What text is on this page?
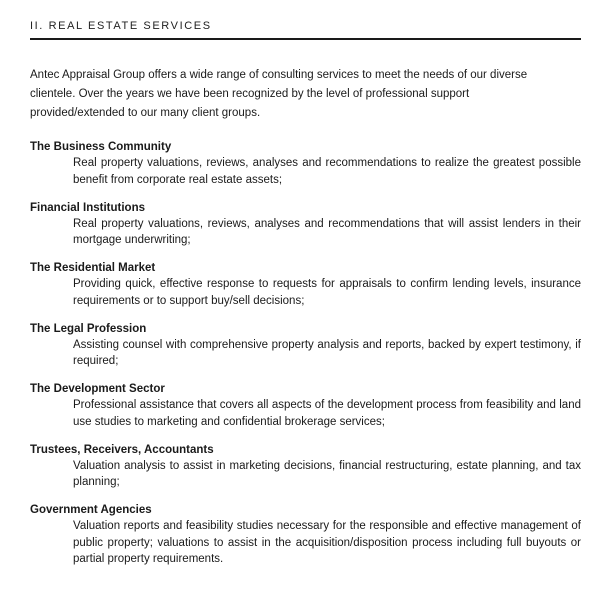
II. REAL ESTATE SERVICES

Antec Appraisal Group offers a wide range of consulting services to meet the needs of our diverse clientele. Over the years we have been recognized by the level of professional support provided/extended to our many client groups.

The Business Community
Real property valuations, reviews, analyses and recommendations to realize the greatest possible benefit from corporate real estate assets;
Financial Institutions
Real property valuations, reviews, analyses and recommendations that will assist lenders in their mortgage underwriting;
The Residential Market
Providing quick, effective response to requests for appraisals to confirm lending levels, insurance requirements or to support buy/sell decisions;
The Legal Profession
Assisting counsel with comprehensive property analysis and reports, backed by expert testimony, if required;
The Development Sector
Professional assistance that covers all aspects of the development process from feasibility and land use studies to marketing and confidential brokerage services;
Trustees, Receivers, Accountants
Valuation analysis to assist in marketing decisions, financial restructuring, estate planning, and tax planning;
Government Agencies
Valuation reports and feasibility studies necessary for the responsible and effective management of public property; valuations to assist in the acquisition/disposition process including full buyouts or partial property requirements.
